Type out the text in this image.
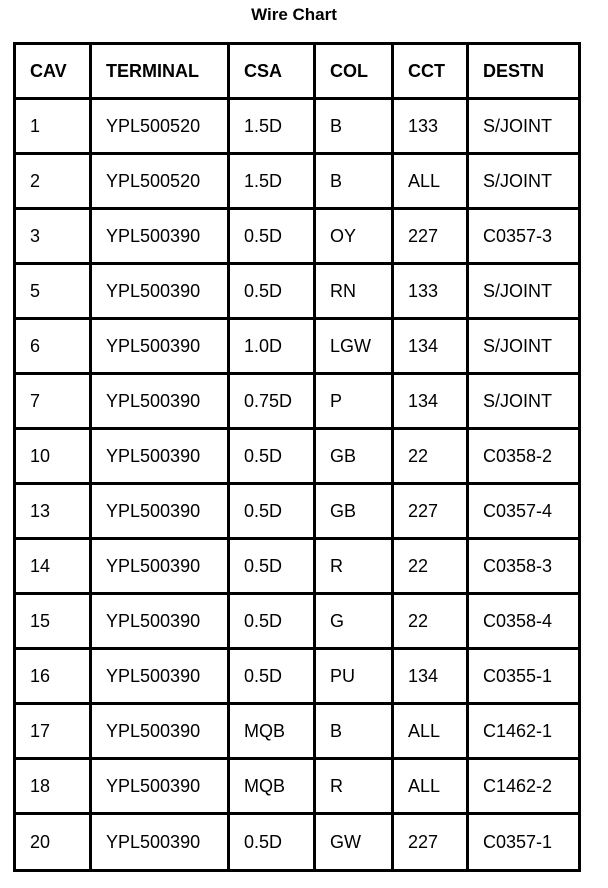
Wire Chart
CAV	TERMINAL	CSA	COL	CCT	DESTN
1	YPL500520	1.5D	B	133	S/JOINT
2	YPL500520	1.5D	B	ALL	S/JOINT
3	YPL500390	0.5D	OY	227	C0357-3
5	YPL500390	0.5D	RN	133	S/JOINT
6	YPL500390	1.0D	LGW	134	S/JOINT
7	YPL500390	0.75D	P	134	S/JOINT
10	YPL500390	0.5D	GB	22	C0358-2
13	YPL500390	0.5D	GB	227	C0357-4
14	YPL500390	0.5D	R	22	C0358-3
15	YPL500390	0.5D	G	22	C0358-4
16	YPL500390	0.5D	PU	134	C0355-1
17	YPL500390	MQB	B	ALL	C1462-1
18	YPL500390	MQB	R	ALL	C1462-2
20	YPL500390	0.5D	GW	227	C0357-1
